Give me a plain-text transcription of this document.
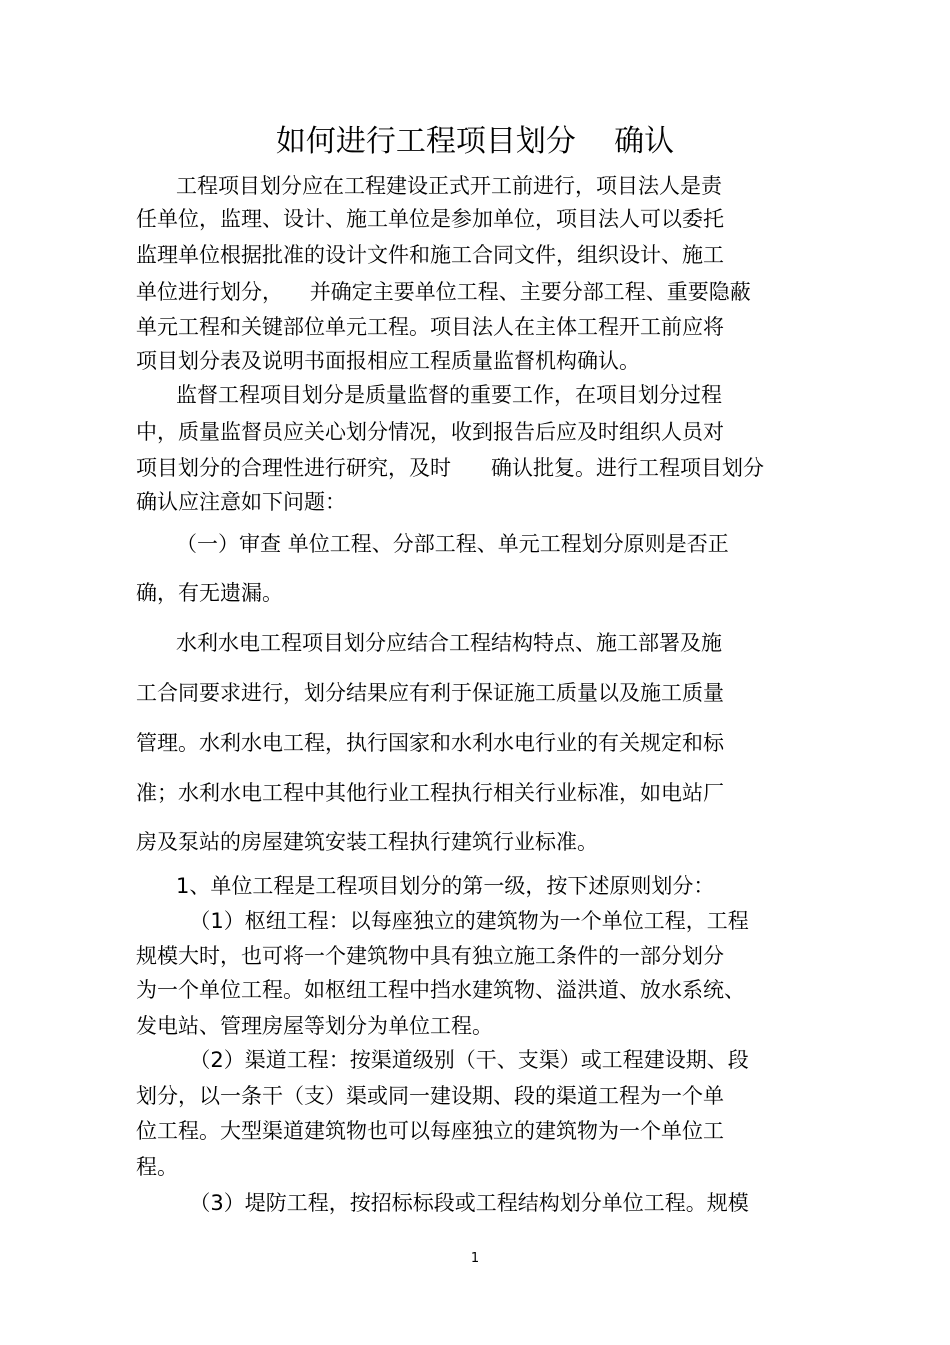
如何进行工程项目划分    确认
工程项目划分应在工程建设正式开工前进行，项目法人是责
任单位，监理、设计、施工单位是参加单位，项目法人可以委托
监理单位根据批准的设计文件和施工合同文件，组织设计、施工
单位进行划分，    并确定主要单位工程、主要分部工程、重要隐蔽
单元工程和关键部位单元工程。项目法人在主体工程开工前应将
项目划分表及说明书面报相应工程质量监督机构确认。
监督工程项目划分是质量监督的重要工作，在项目划分过程
中，质量监督员应关心划分情况，收到报告后应及时组织人员对
项目划分的合理性进行研究，及时      确认批复。进行工程项目划分
确认应注意如下问题：
（一）审查 单位工程、分部工程、单元工程划分原则是否正
确，有无遗漏。
水利水电工程项目划分应结合工程结构特点、施工部署及施
工合同要求进行，划分结果应有利于保证施工质量以及施工质量
管理。水利水电工程，执行国家和水利水电行业的有关规定和标
准；水利水电工程中其他行业工程执行相关行业标准，如电站厂
房及泵站的房屋建筑安装工程执行建筑行业标准。
1、单位工程是工程项目划分的第一级，按下述原则划分：
（1）枢纽工程：以每座独立的建筑物为一个单位工程，工程
规模大时，也可将一个建筑物中具有独立施工条件的一部分划分
为一个单位工程。如枢纽工程中挡水建筑物、溢洪道、放水系统、
发电站、管理房屋等划分为单位工程。
（2）渠道工程：按渠道级别（干、支渠）或工程建设期、段
划分，以一条干（支）渠或同一建设期、段的渠道工程为一个单
位工程。大型渠道建筑物也可以每座独立的建筑物为一个单位工
程。
（3）堤防工程，按招标标段或工程结构划分单位工程。规模
1
